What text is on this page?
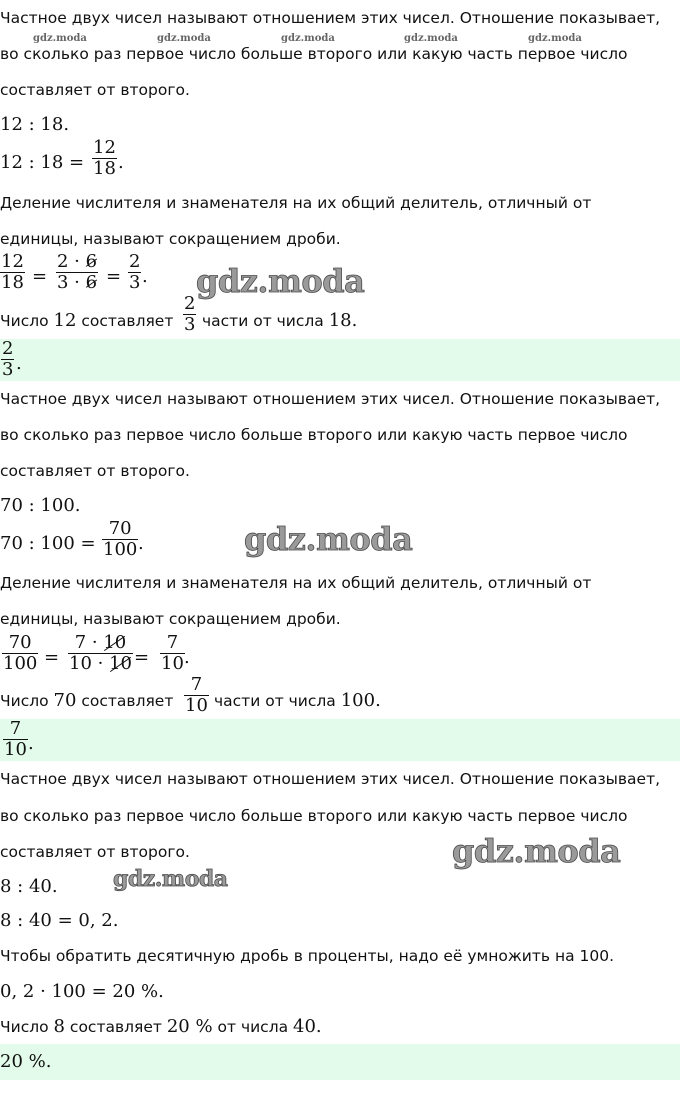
gdz.moda	gdz.moda	gdz.moda	gdz.moda	gdz.moda
Частное двух чисел называют отношением этих чисел. Отношение показывает,
во сколько раз первое число больше второго или какую часть первое число
составляет от второго.
12 : 18.
12 : 18 =
12
18 .
Деление числителя и знаменателя на их общий делитель, отличный от
единицы, называют сокращением дроби.
12
18 =
2 · 6
3 · 6 =
2
3 . gdz.moda
Число 12 составляет
2
3 части от числа 18.
2
3 .
Частное двух чисел называют отношением этих чисел. Отношение показывает,
во сколько раз первое число больше второго или какую часть первое число
составляет от второго.
70 : 100.
70 : 100 =
70
100 .	gdz.moda
Деление числителя и знаменателя на их общий делитель, отличный от
единицы, называют сокращением дроби.
70
100 =
7 · 10
10 · 10 =
7
10 .
Число 70 составляет
7
10 части от числа 100.
7
10 .
Частное двух чисел называют отношением этих чисел. Отношение показывает,
во сколько раз первое число больше второго или какую часть первое число
составляет от второго.	gdz.moda
8 : 40.	gdz.moda
8 : 40 = 0, 2.
Чтобы обратить десятичную дробь в проценты, надо её умножить на 100.
0, 2 · 100 = 20 %.
Число 8 составляет 20 % от числа 40.
20 %.
